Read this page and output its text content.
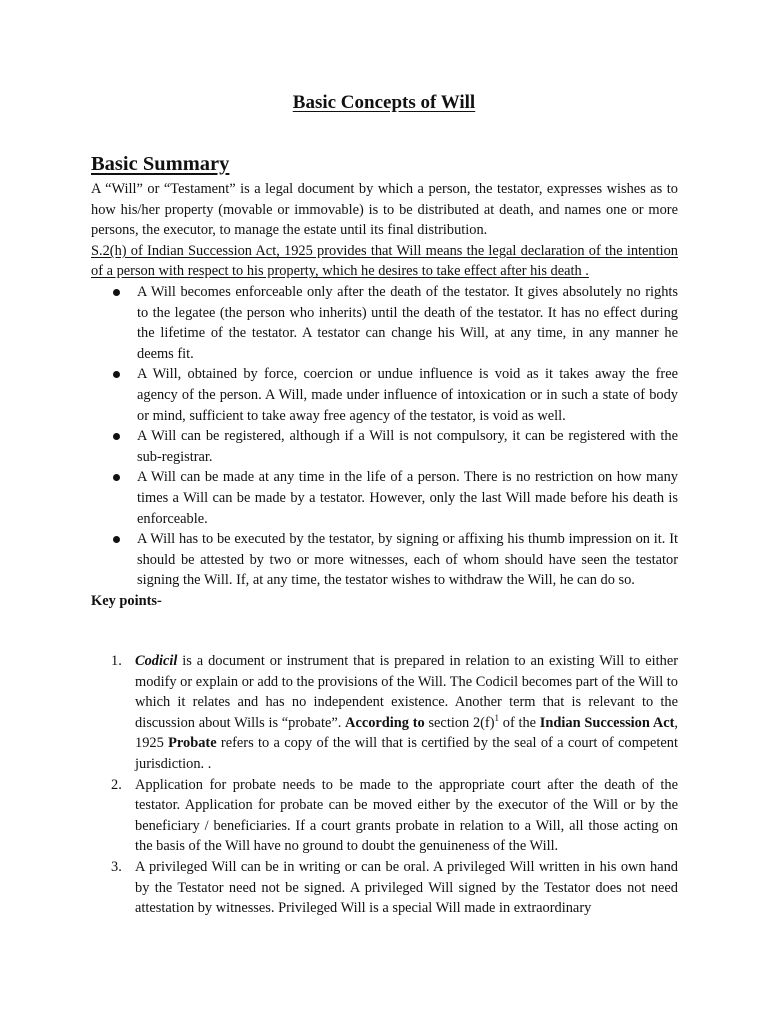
Basic Concepts of Will
Basic Summary

A “Will” or “Testament” is a legal document by which a person, the testator, expresses wishes as to how his/her property (movable or immovable) is to be distributed at death, and names one or more persons, the executor, to manage the estate until its final distribution.

S.2(h) of Indian Succession Act, 1925 provides that Will means the legal declaration of the intention of a person with respect to his property, which he desires to take effect after his death .

A Will becomes enforceable only after the death of the testator. It gives absolutely no rights to the legatee (the person who inherits) until the death of the testator. It has no effect during the lifetime of the testator. A testator can change his Will, at any time, in any manner he deems fit.
A Will, obtained by force, coercion or undue influence is void as it takes away the free agency of the person. A Will, made under influence of intoxication or in such a state of body or mind, sufficient to take away free agency of the testator, is void as well.
A Will can be registered, although if a Will is not compulsory, it can be registered with the sub-registrar.
A Will can be made at any time in the life of a person. There is no restriction on how many times a Will can be made by a testator. However, only the last Will made before his death is enforceable.
A Will has to be executed by the testator, by signing or affixing his thumb impression on it. It should be attested by two or more witnesses, each of whom should have seen the testator signing the Will. If, at any time, the testator wishes to withdraw the Will, he can do so.

Key points-

1. Codicil is a document or instrument that is prepared in relation to an existing Will to either modify or explain or add to the provisions of the Will. The Codicil becomes part of the Will to which it relates and has no independent existence. Another term that is relevant to the discussion about Wills is “probate”. According to section $2(f)^1$ of the Indian Succession Act, 1925 Probate refers to a copy of the will that is certified by the seal of a court of competent jurisdiction. .
2. Application for probate needs to be made to the appropriate court after the death of the testator. Application for probate can be moved either by the executor of the Will or by the beneficiary / beneficiaries. If a court grants probate in relation to a Will, all those acting on the basis of the Will have no ground to doubt the genuineness of the Will.
3. A privileged Will can be in writing or can be oral. A privileged Will written in his own hand by the Testator need not be signed. A privileged Will signed by the Testator does not need attestation by witnesses. Privileged Will is a special Will made in extraordinary
